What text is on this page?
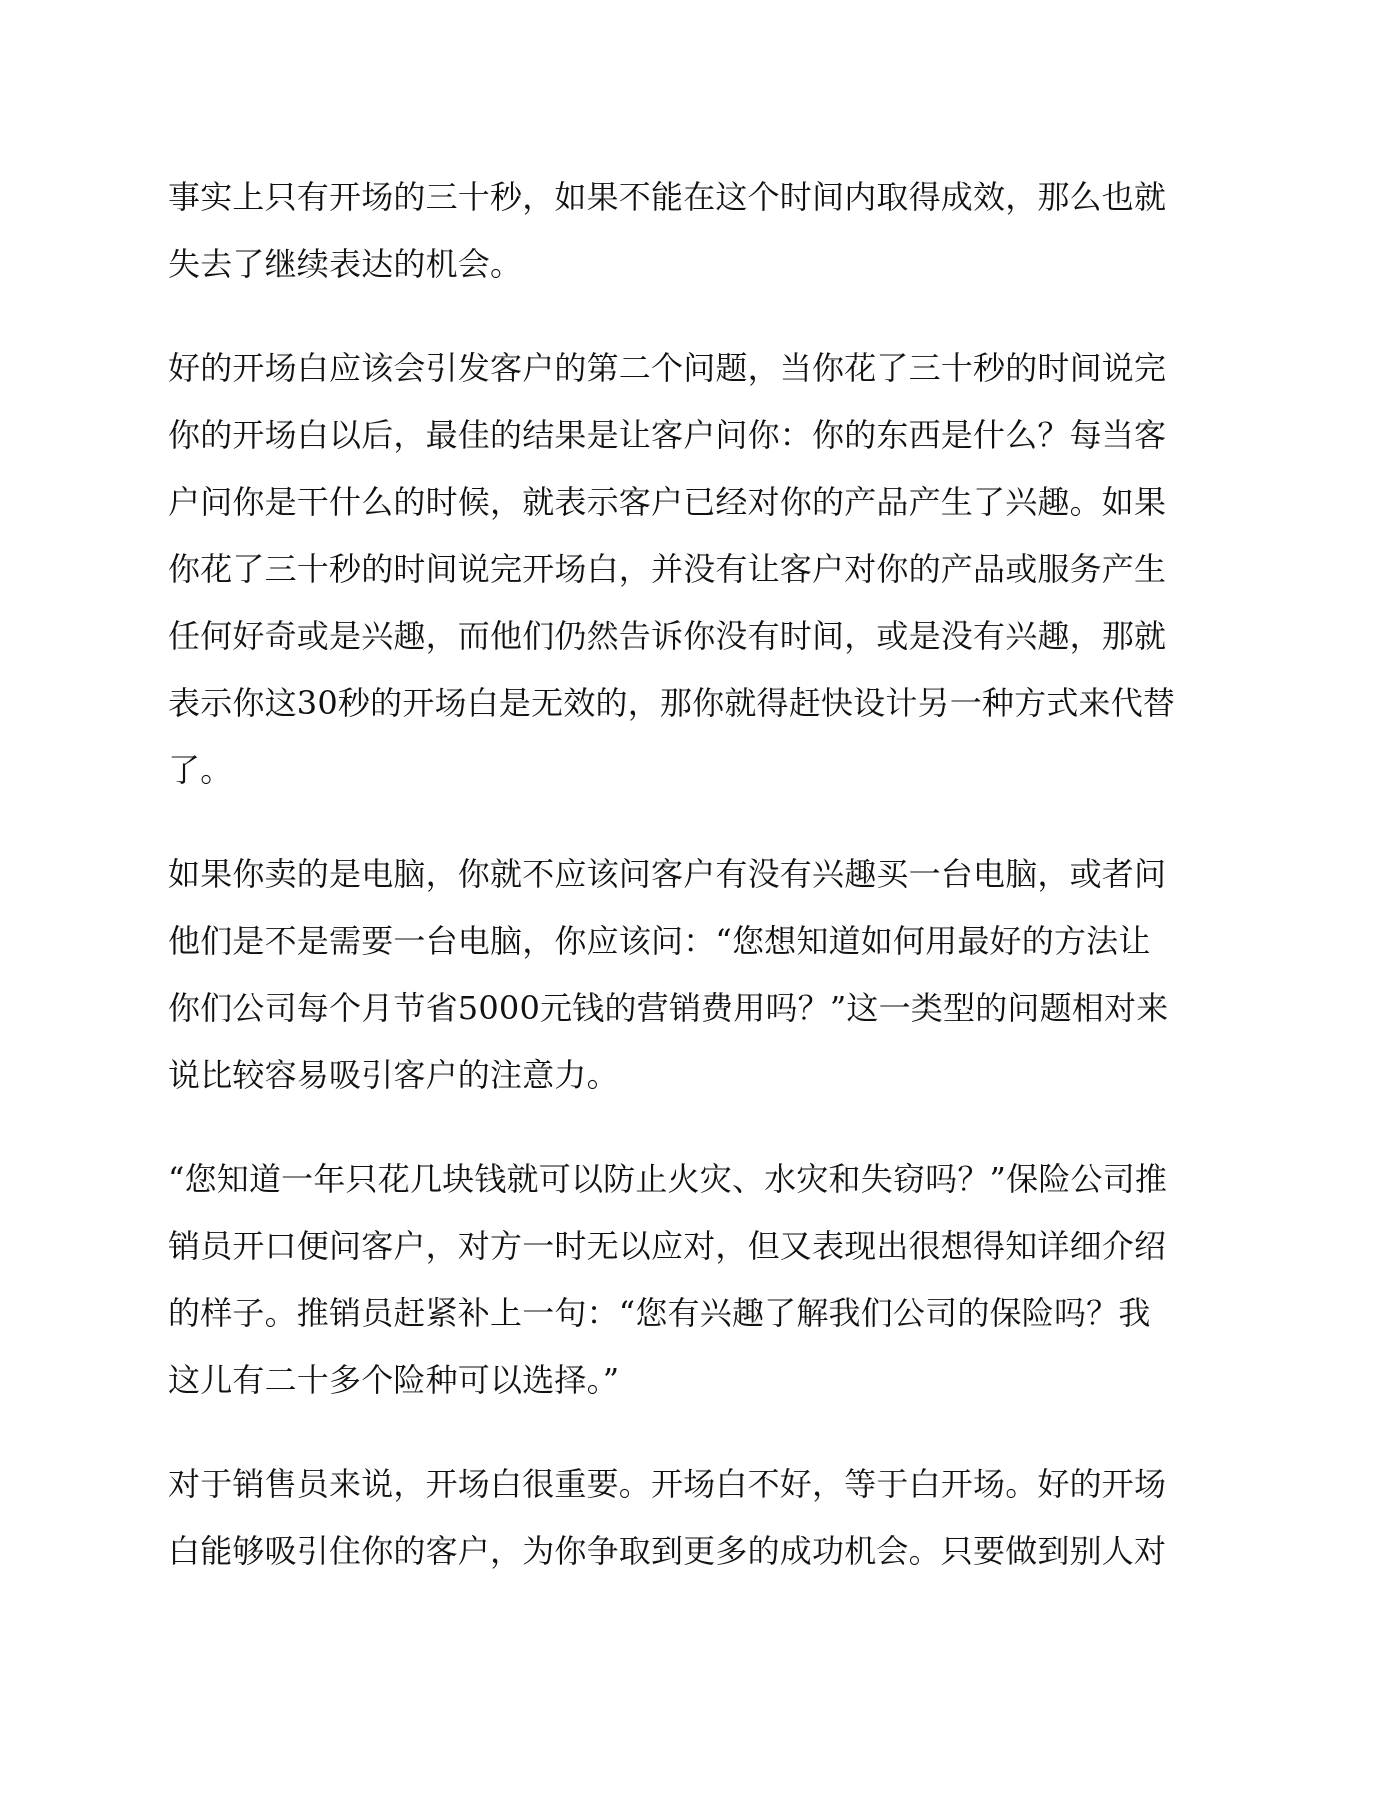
事实上只有开场的三十秒，如果不能在这个时间内取得成效，那么也就
失去了继续表达的机会。

好的开场白应该会引发客户的第二个问题，当你花了三十秒的时间说完
你的开场白以后，最佳的结果是让客户问你：你的东西是什么？每当客
户问你是干什么的时候，就表示客户已经对你的产品产生了兴趣。如果
你花了三十秒的时间说完开场白，并没有让客户对你的产品或服务产生
任何好奇或是兴趣，而他们仍然告诉你没有时间，或是没有兴趣，那就
表示你这30秒的开场白是无效的，那你就得赶快设计另一种方式来代替
了。

如果你卖的是电脑，你就不应该问客户有没有兴趣买一台电脑，或者问
他们是不是需要一台电脑，你应该问：“您想知道如何用最好的方法让
你们公司每个月节省5000元钱的营销费用吗？”这一类型的问题相对来
说比较容易吸引客户的注意力。

“您知道一年只花几块钱就可以防止火灾、水灾和失窃吗？”保险公司推
销员开口便问客户，对方一时无以应对，但又表现出很想得知详细介绍
的样子。推销员赶紧补上一句：“您有兴趣了解我们公司的保险吗？我
这儿有二十多个险种可以选择。”

对于销售员来说，开场白很重要。开场白不好，等于白开场。好的开场
白能够吸引住你的客户，为你争取到更多的成功机会。只要做到别人对
